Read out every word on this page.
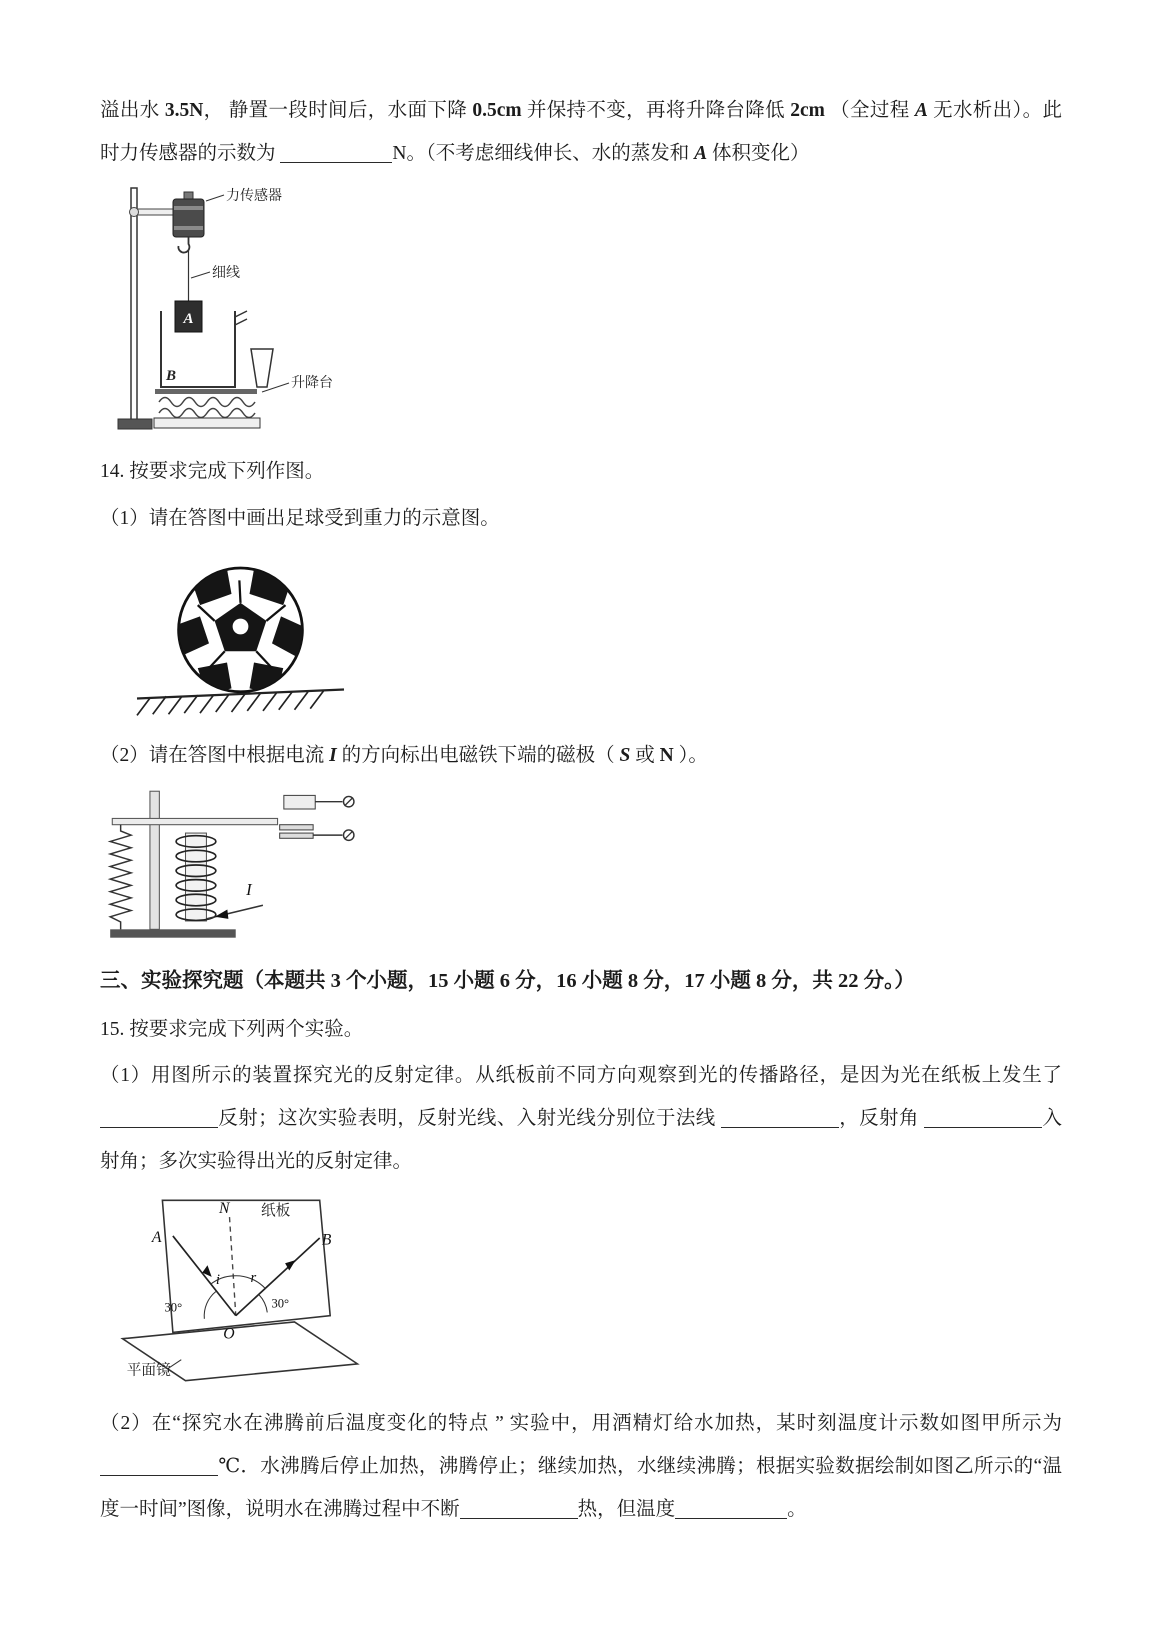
溢出水 3.5N， 静置一段时间后，水面下降 0.5cm 并保持不变，再将升降台降低 2cm （全过程 A 无水析出）。此时力传感器的示数为	N。（不考虑细线伸长、水的蒸发和 A 体积变化）

A
B
力传感器
细线
升降台

14. 按要求完成下列作图。

（1）请在答图中画出足球受到重力的示意图。

（2）请在答图中根据电流 I 的方向标出电磁铁下端的磁极（ S 或 N ）。

I

三、实验探究题（本题共 3 个小题，15 小题 6 分，16 小题 8 分，17 小题 8 分，共 22 分。）

15. 按要求完成下列两个实验。

（1）用图所示的装置探究光的反射定律。从纸板前不同方向观察到光的传播路径，是因为光在纸板上发生了反射；这次实验表明，反射光线、入射光线分别位于法线	，反射角	入射角；多次实验得出光的反射定律。

N 纸板
A	B
i r
30°	30°
O
平面镜

（2）在“探究水在沸腾前后温度变化的特点 ” 实验中，用酒精灯给水加热，某时刻温度计示数如图甲所示为℃．水沸腾后停止加热，沸腾停止；继续加热，水继续沸腾；根据实验数据绘制如图乙所示的“温度一时间”图像，说明水在沸腾过程中不断	热，但温度	。
